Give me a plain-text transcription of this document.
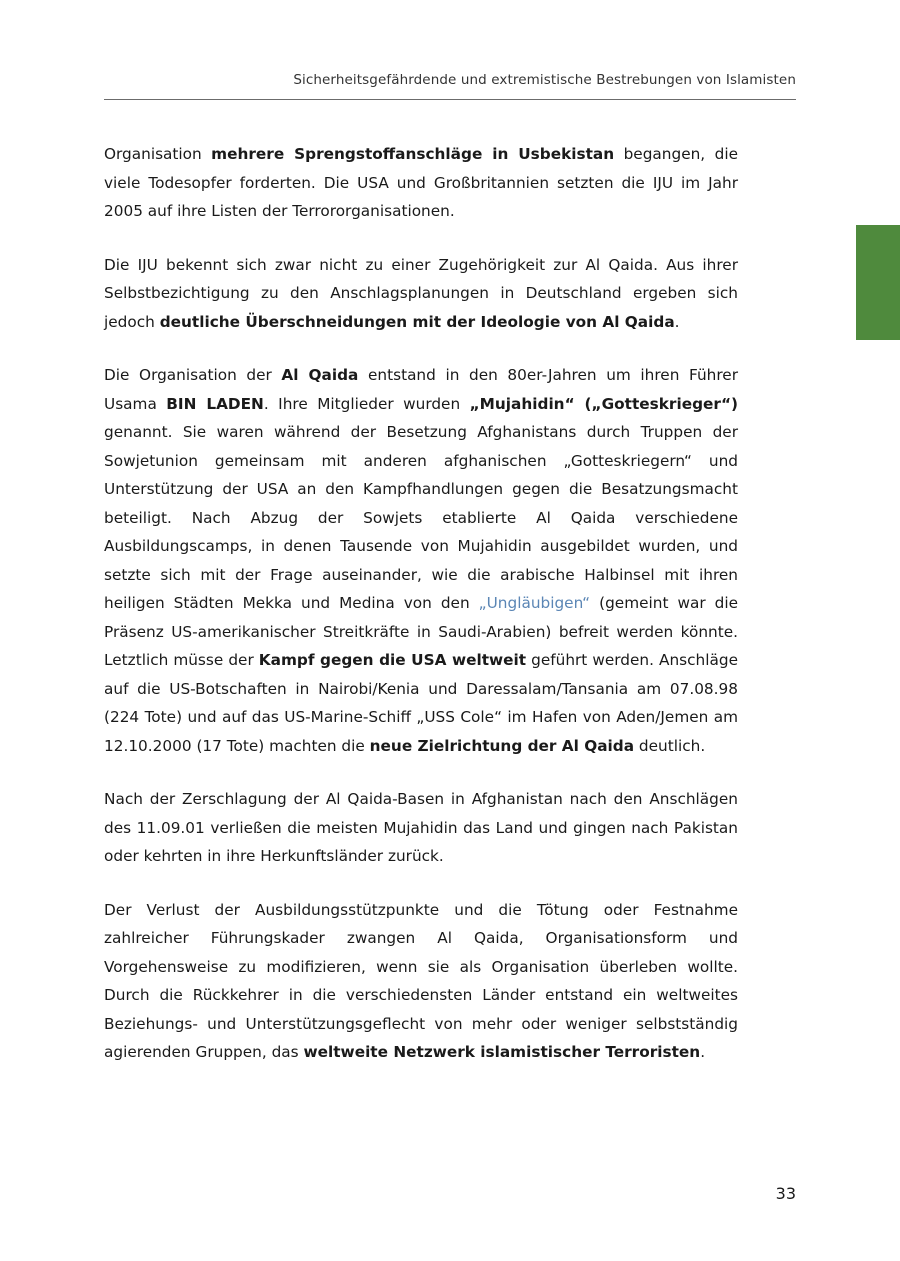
Sicherheitsgefährdende und extremistische Bestrebungen von Islamisten

Organisation mehrere Sprengstoffanschläge in Usbekistan begangen, die viele Todesopfer forderten. Die USA und Großbritannien setzten die IJU im Jahr 2005 auf ihre Listen der Terrororganisationen.

Die IJU bekennt sich zwar nicht zu einer Zugehörigkeit zur Al Qaida. Aus ihrer Selbstbezichtigung zu den Anschlagsplanungen in Deutschland ergeben sich jedoch deutliche Überschneidungen mit der Ideologie von Al Qaida.

Die Organisation der Al Qaida entstand in den 80er-Jahren um ihren Führer Usama BIN LADEN. Ihre Mitglieder wurden „Mujahidin“ („Gotteskrieger“) genannt. Sie waren während der Besetzung Afghanistans durch Truppen der Sowjetunion gemeinsam mit anderen afghanischen „Gotteskriegern“ und Unterstützung der USA an den Kampfhandlungen gegen die Besatzungsmacht beteiligt. Nach Abzug der Sowjets etablierte Al Qaida verschiedene Ausbildungscamps, in denen Tausende von Mujahidin ausgebildet wurden, und setzte sich mit der Frage auseinander, wie die arabische Halbinsel mit ihren heiligen Städten Mekka und Medina von den „Ungläubigen“ (gemeint war die Präsenz US-amerikanischer Streitkräfte in Saudi-Arabien) befreit werden könnte. Letztlich müsse der Kampf gegen die USA weltweit geführt werden. Anschläge auf die US-Botschaften in Nairobi/Kenia und Daressalam/Tansania am 07.08.98 (224 Tote) und auf das US-Marine-Schiff „USS Cole“ im Hafen von Aden/Jemen am 12.10.2000 (17 Tote) machten die neue Zielrichtung der Al Qaida deutlich.

Nach der Zerschlagung der Al Qaida-Basen in Afghanistan nach den Anschlägen des 11.09.01 verließen die meisten Mujahidin das Land und gingen nach Pakistan oder kehrten in ihre Herkunftsländer zurück.

Der Verlust der Ausbildungsstützpunkte und die Tötung oder Festnahme zahlreicher Führungskader zwangen Al Qaida, Organisationsform und Vorgehensweise zu modifizieren, wenn sie als Organisation überleben wollte. Durch die Rückkehrer in die verschiedensten Länder entstand ein weltweites Beziehungs- und Unterstützungsgeflecht von mehr oder weniger selbstständig agierenden Gruppen, das weltweite Netzwerk islamistischer Terroristen.

33
